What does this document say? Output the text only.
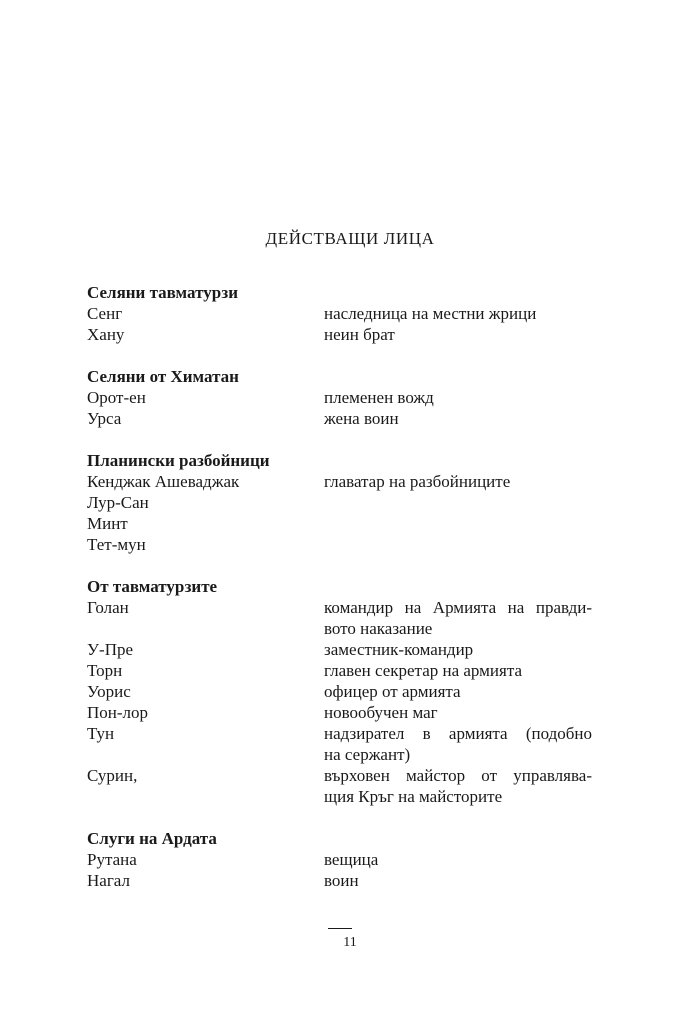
ДЕЙСТВАЩИ ЛИЦА
Селяни тавматурзи
Сенг	наследница на местни жрици
Хану	неин брат
Селяни от Химатан
Орот-ен	племенен вожд
Урса	жена воин
Планински разбойници
Кенджак Ашеваджак	главатар на разбойниците
Лур-Сан
Минт
Тет-мун
От тавматурзите
Голан	командир на Армията на правди-
вото наказание
У-Пре	заместник-командир
Торн	главен секретар на армията
Уорис	офицер от армията
Пон-лор	новообучен маг
Тун	надзирател в армията (подобно
на сержант)
Сурин,	върховен майстор от управлява-
щия Кръг на майсторите
Слуги на Ардата
Рутана	вещица
Нагал	воин
11
